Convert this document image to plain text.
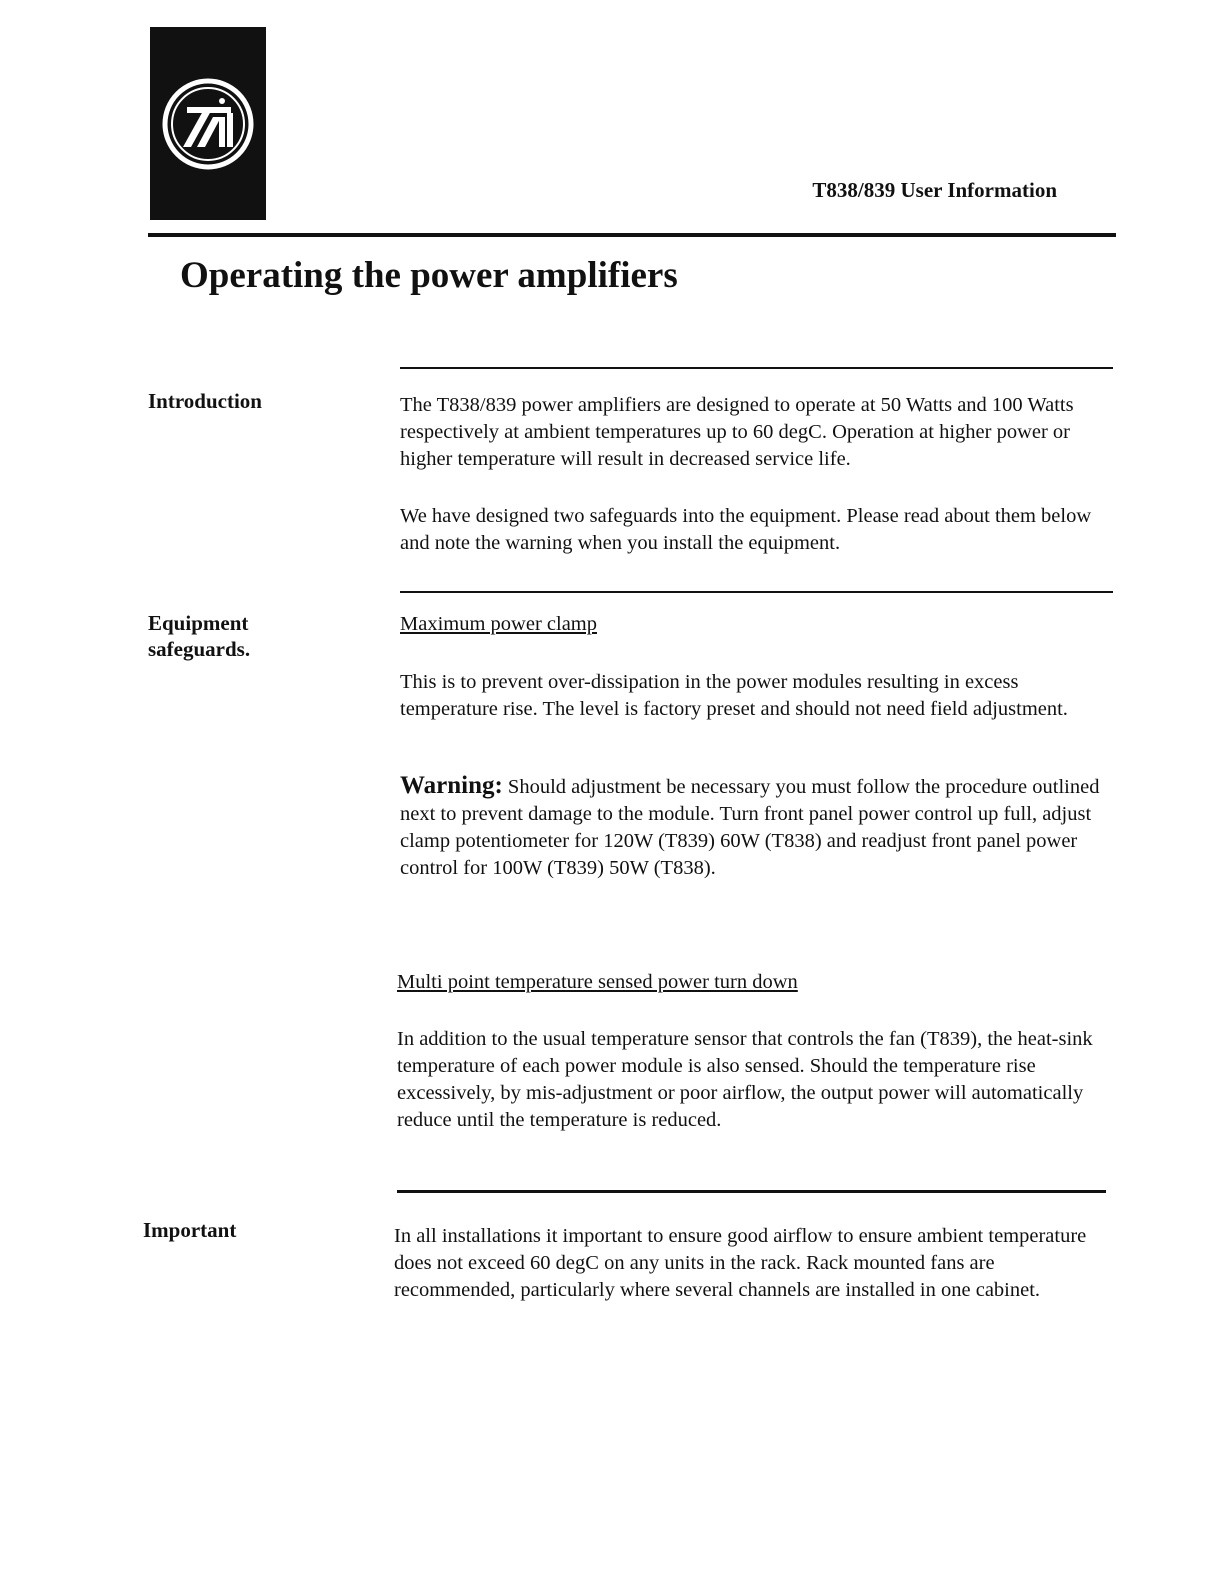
T838/839 User Information
Operating the power amplifiers
Introduction	The T838/839 power amplifiers are designed to operate at 50 Watts and 100 Watts respectively at ambient temperatures up to 60 degC. Operation at higher power or higher temperature will result in decreased service life.

We have designed two safeguards into the equipment. Please read about them below and note the warning when you install the equipment.

Equipment safeguards.
Maximum power clamp

This is to prevent over-dissipation in the power modules resulting in excess temperature rise. The level is factory preset and should not need field adjustment.

Warning: Should adjustment be necessary you must follow the procedure outlined next to prevent damage to the module. Turn front panel power control up full, adjust clamp potentiometer for 120W (T839) 60W (T838) and readjust front panel power control for 100W (T839) 50W (T838).

Multi point temperature sensed power turn down

In addition to the usual temperature sensor that controls the fan (T839), the heat-sink temperature of each power module is also sensed. Should the temperature rise excessively, by mis-adjustment or poor airflow, the output power will automatically reduce until the temperature is reduced.

Important	In all installations it important to ensure good airflow to ensure ambient temperature does not exceed 60 degC on any units in the rack. Rack mounted fans are recommended, particularly where several channels are installed in one cabinet.
